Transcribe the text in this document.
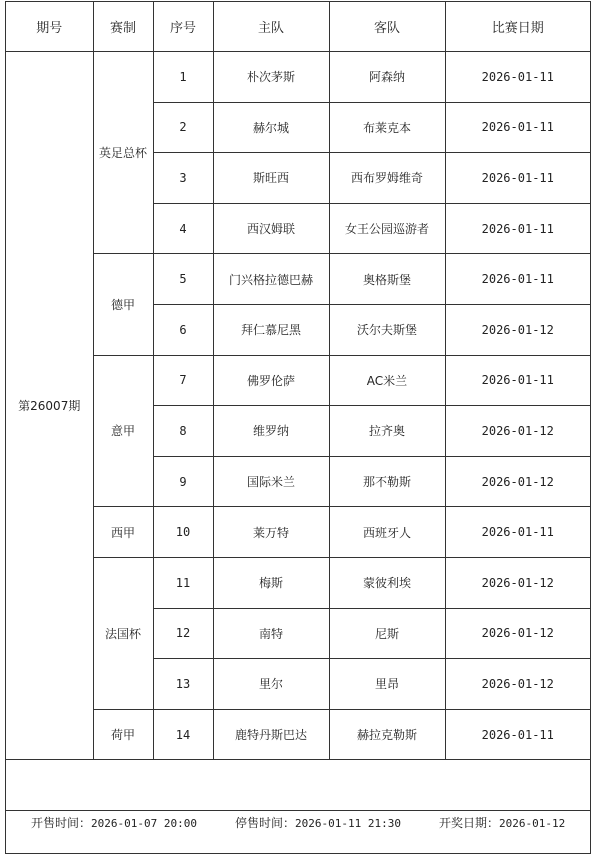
期号	赛制	序号	主队	客队	比赛日期
第26007期	英足总杯	1	朴次茅斯	阿森纳	2026-01-11
		2	赫尔城	布莱克本	2026-01-11
		3	斯旺西	西布罗姆维奇	2026-01-11
		4	西汉姆联	女王公园巡游者	2026-01-11
	德甲	5	门兴格拉德巴赫	奥格斯堡	2026-01-11
		6	拜仁慕尼黑	沃尔夫斯堡	2026-01-12
	意甲	7	佛罗伦萨	AC米兰	2026-01-11
		8	维罗纳	拉齐奥	2026-01-12
		9	国际米兰	那不勒斯	2026-01-12
	西甲	10	莱万特	西班牙人	2026-01-11
	法国杯	11	梅斯	蒙彼利埃	2026-01-12
		12	南特	尼斯	2026-01-12
		13	里尔	里昂	2026-01-12
	荷甲	14	鹿特丹斯巴达	赫拉克勒斯	2026-01-11

开售时间：2026-01-07 20:00	停售时间：2026-01-11 21:30	开奖日期：2026-01-12
